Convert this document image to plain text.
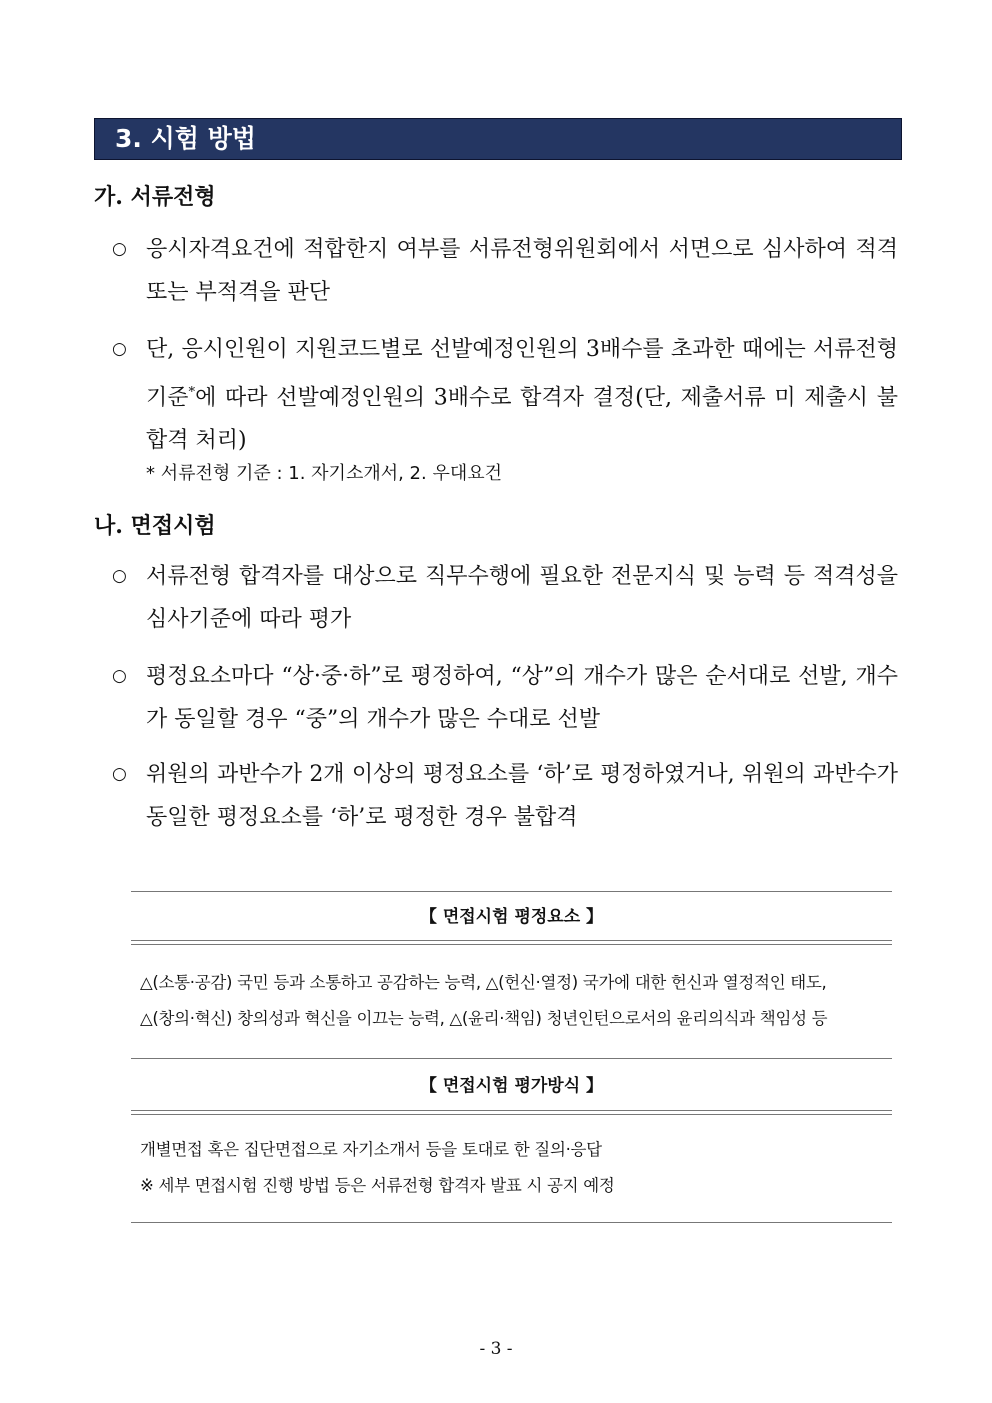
3. 시험 방법
가. 서류전형
○ 응시자격요건에 적합한지 여부를 서류전형위원회에서 서면으로 심사하여 적격 또는 부적격을 판단
○ 단, 응시인원이 지원코드별로 선발예정인원의 3배수를 초과한 때에는 서류전형 기준*에 따라 선발예정인원의 3배수로 합격자 결정(단, 제출서류 미 제출시 불합격 처리)
* 서류전형 기준 : 1. 자기소개서, 2. 우대요건
나. 면접시험
○ 서류전형 합격자를 대상으로 직무수행에 필요한 전문지식 및 능력 등 적격성을 심사기준에 따라 평가
○ 평정요소마다 “상·중·하”로 평정하여, “상”의 개수가 많은 순서대로 선발, 개수가 동일할 경우 “중”의 개수가 많은 수대로 선발
○ 위원의 과반수가 2개 이상의 평정요소를 ‘하’로 평정하였거나, 위원의 과반수가 동일한 평정요소를 ‘하’로 평정한 경우 불합격
【 면접시험 평정요소 】
△(소통·공감) 국민 등과 소통하고 공감하는 능력, △(헌신·열정) 국가에 대한 헌신과 열정적인 태도,
△(창의·혁신) 창의성과 혁신을 이끄는 능력, △(윤리·책임) 청년인턴으로서의 윤리의식과 책임성 등
【 면접시험 평가방식 】
개별면접 혹은 집단면접으로 자기소개서 등을 토대로 한 질의·응답
※ 세부 면접시험 진행 방법 등은 서류전형 합격자 발표 시 공지 예정
- 3 -
